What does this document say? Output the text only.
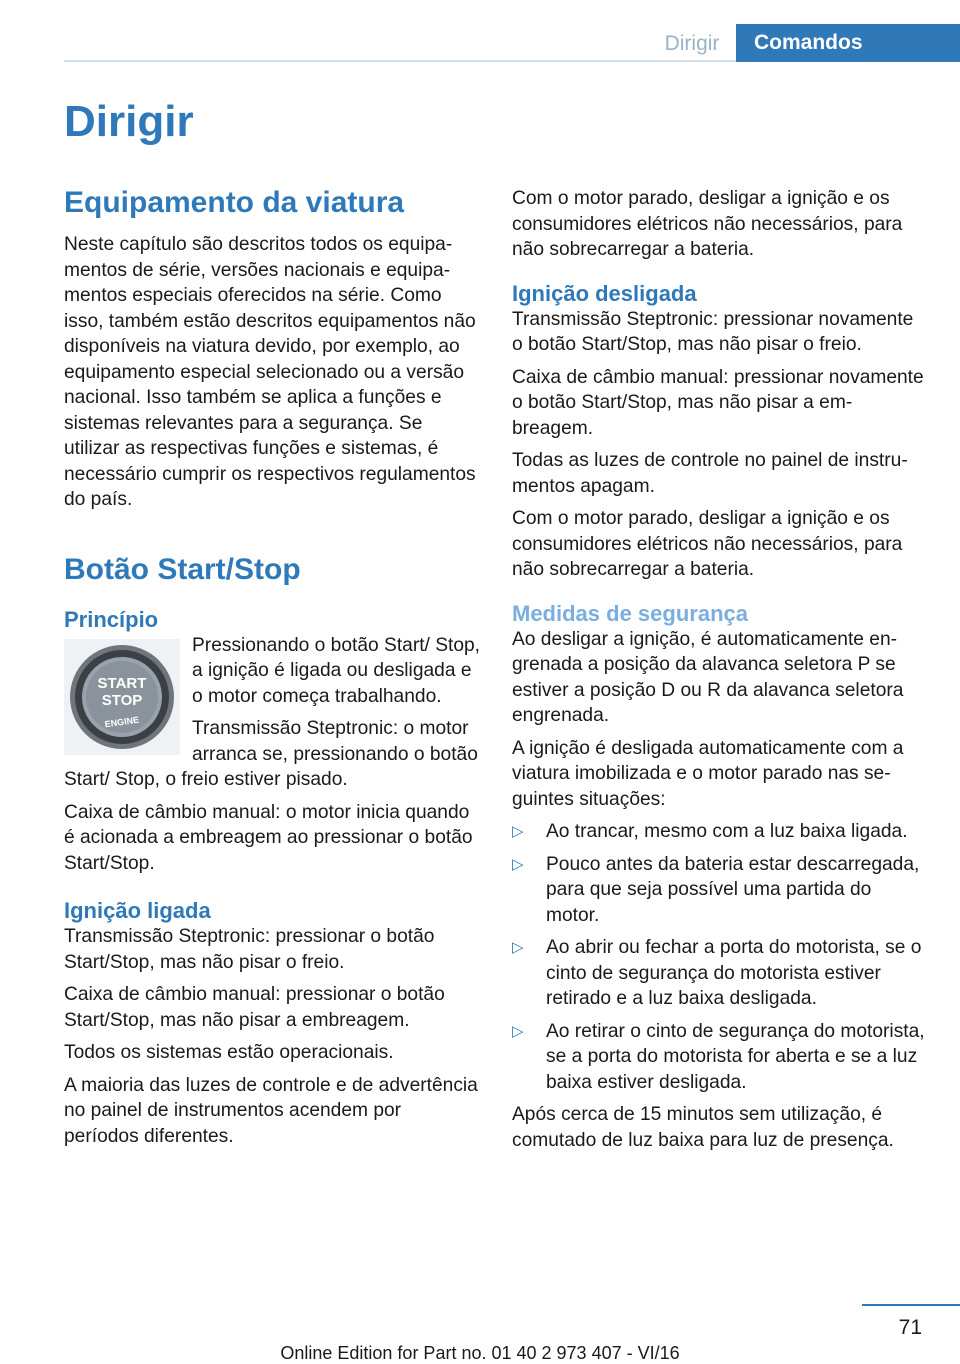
Dirigir	Comandos
Dirigir
Equipamento da viatura

Neste capítulo são descritos todos os equipamentos de série, versões nacionais e equipamentos especiais oferecidos na série. Como isso, também estão descritos equipamentos não disponíveis na viatura devido, por exemplo, ao equipamento especial selecionado ou a versão nacional. Isso também se aplica a funções e sistemas relevantes para a segurança. Se utilizar as respectivas funções e sistemas, é necessário cumprir os respectivos regulamentos do país.

Botão Start/Stop
Princípio
START
STOP
ENGINE

Pressionando o botão Start/ Stop, a ignição é ligada ou desligada e o motor começa trabalhando.

Transmissão Steptronic: o motor arranca se, pressionando o botão Start/ Stop, o freio estiver pisado.

Caixa de câmbio manual: o motor inicia quando é acionada a embreagem ao pressionar o botão Start/Stop.

Ignição ligada

Transmissão Steptronic: pressionar o botão Start/Stop, mas não pisar o freio.

Caixa de câmbio manual: pressionar o botão Start/Stop, mas não pisar a embreagem.

Todos os sistemas estão operacionais.

A maioria das luzes de controle e de advertência no painel de instrumentos acendem por períodos diferentes.

Com o motor parado, desligar a ignição e os consumidores elétricos não necessários, para não sobrecarregar a bateria.

Ignição desligada

Transmissão Steptronic: pressionar novamente o botão Start/Stop, mas não pisar o freio.

Caixa de câmbio manual: pressionar novamente o botão Start/Stop, mas não pisar a embreagem.

Todas as luzes de controle no painel de instrumentos apagam.

Com o motor parado, desligar a ignição e os consumidores elétricos não necessários, para não sobrecarregar a bateria.

Medidas de segurança

Ao desligar a ignição, é automaticamente engrenada a posição da alavanca seletora P se estiver a posição D ou R da alavanca seletora engrenada.

A ignição é desligada automaticamente com a viatura imobilizada e o motor parado nas seguintes situações:

▷ Ao trancar, mesmo com a luz baixa ligada.
▷ Pouco antes da bateria estar descarregada, para que seja possível uma partida do motor.
▷ Ao abrir ou fechar a porta do motorista, se o cinto de segurança do motorista estiver retirado e a luz baixa desligada.
▷ Ao retirar o cinto de segurança do motorista, se a porta do motorista for aberta e se a luz baixa estiver desligada.

Após cerca de 15 minutos sem utilização, é comutado de luz baixa para luz de presença.

71
Online Edition for Part no. 01 40 2 973 407 - VI/16
